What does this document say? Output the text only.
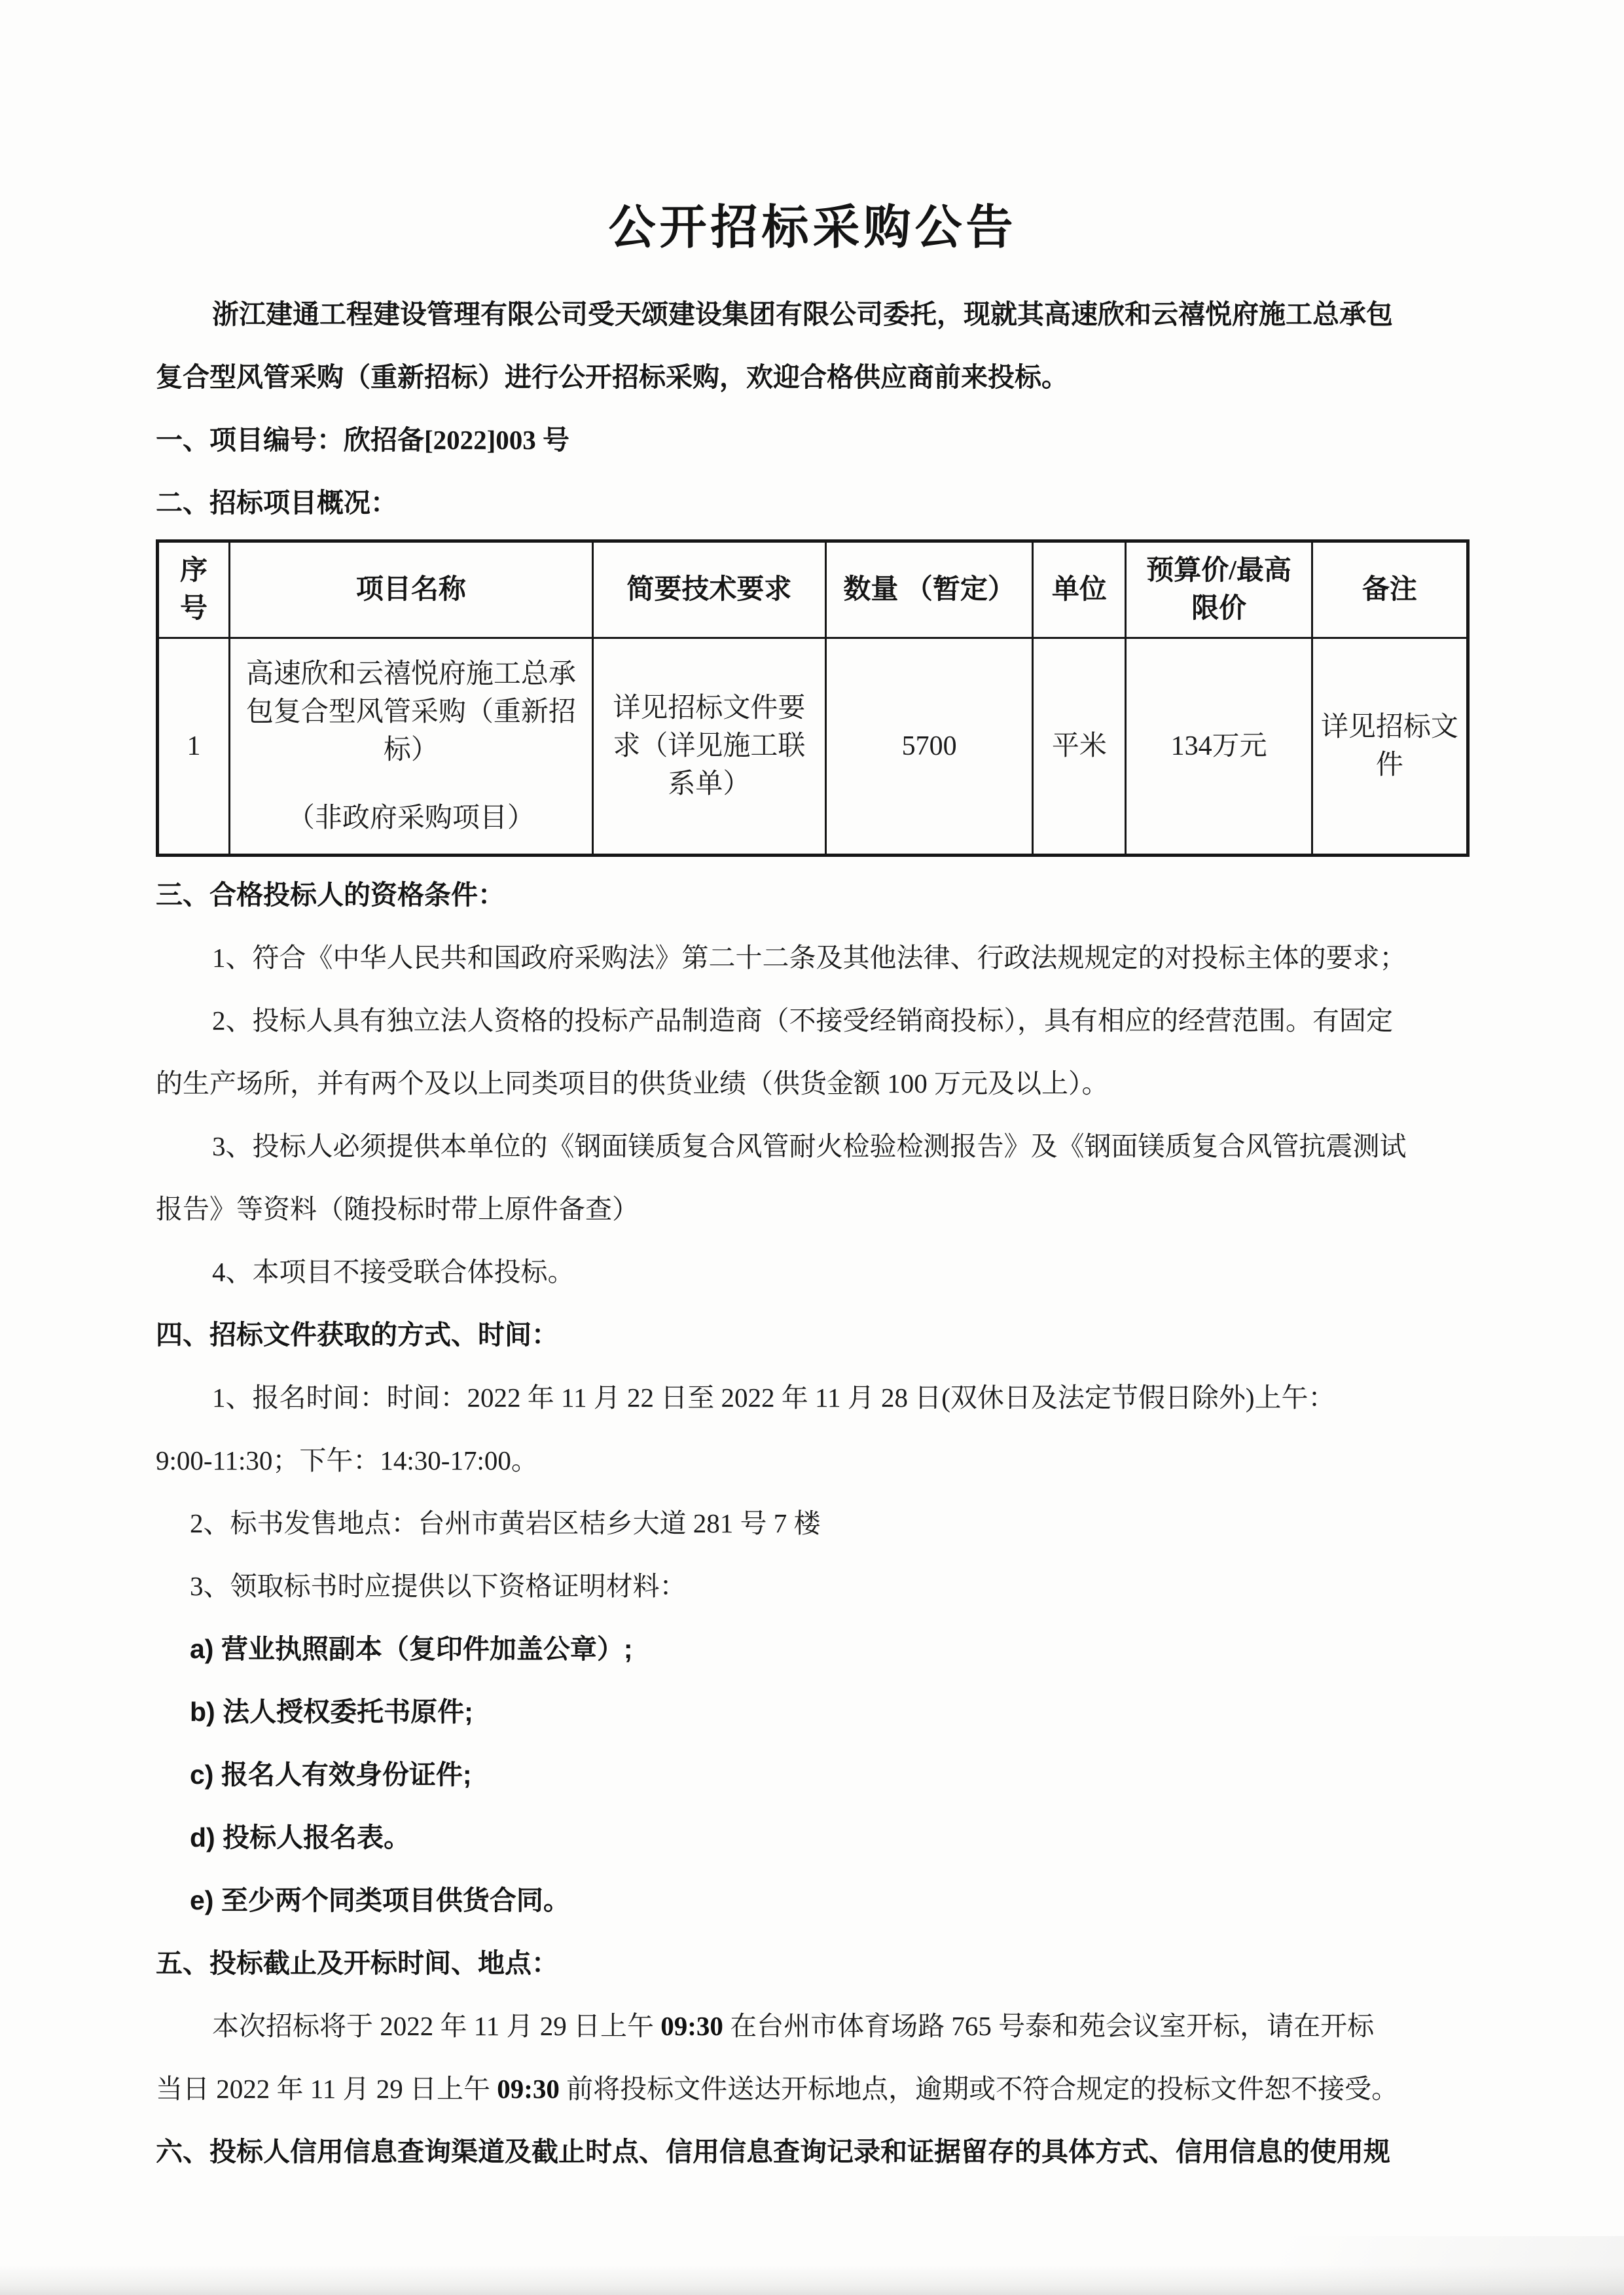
公开招标采购公告
浙江建通工程建设管理有限公司受天颂建设集团有限公司委托，现就其高速欣和云禧悦府施工总承包
复合型风管采购（重新招标）进行公开招标采购，欢迎合格供应商前来投标。
一、项目编号：欣招备[2022]003 号
二、招标项目概况：
序号	项目名称	简要技术要求	数量 （暂定）	单位	预算价/最高限价	备注
1	高速欣和云禧悦府施工总承包复合型风管采购（重新招标）
（非政府采购项目）	详见招标文件要求（详见施工联系单）	5700	平米	134万元	详见招标文件
三、合格投标人的资格条件：
1、符合《中华人民共和国政府采购法》第二十二条及其他法律、行政法规规定的对投标主体的要求；
2、投标人具有独立法人资格的投标产品制造商（不接受经销商投标），具有相应的经营范围。有固定
的生产场所，并有两个及以上同类项目的供货业绩（供货金额 100 万元及以上）。
3、投标人必须提供本单位的《钢面镁质复合风管耐火检验检测报告》及《钢面镁质复合风管抗震测试
报告》等资料（随投标时带上原件备查）
4、本项目不接受联合体投标。
四、招标文件获取的方式、时间：
1、报名时间：时间：2022 年 11 月 22 日至 2022 年 11 月 28 日(双休日及法定节假日除外)上午：
9:00-11:30；下午：14:30-17:00。
2、标书发售地点：台州市黄岩区桔乡大道 281 号 7 楼
3、领取标书时应提供以下资格证明材料：
a) 营业执照副本（复印件加盖公章）;
b) 法人授权委托书原件;
c) 报名人有效身份证件;
d) 投标人报名表。
e) 至少两个同类项目供货合同。
五、投标截止及开标时间、地点：
本次招标将于 2022 年 11 月 29 日上午 09:30 在台州市体育场路 765 号泰和苑会议室开标，请在开标
当日 2022 年 11 月 29 日上午 09:30 前将投标文件送达开标地点，逾期或不符合规定的投标文件恕不接受。
六、投标人信用信息查询渠道及截止时点、信用信息查询记录和证据留存的具体方式、信用信息的使用规
